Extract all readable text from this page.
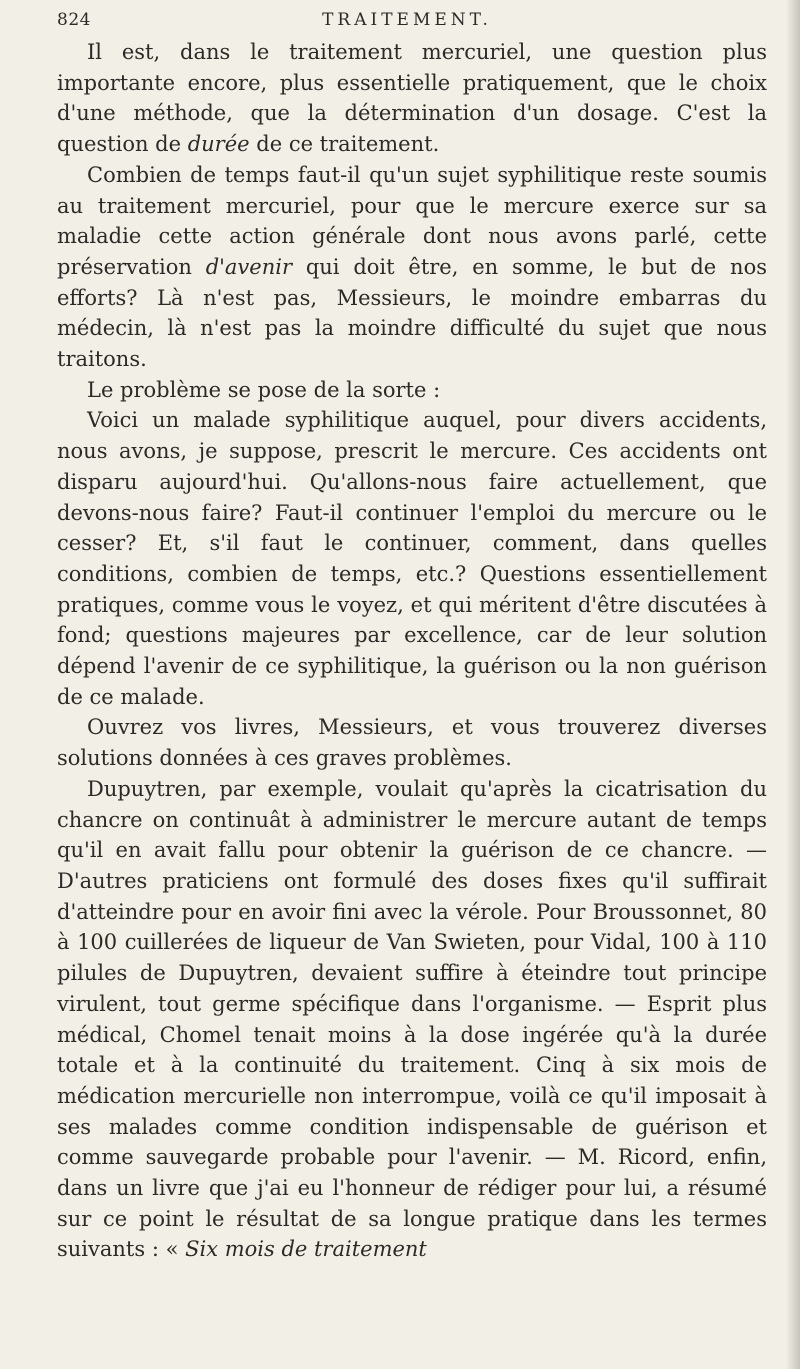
824	TRAITEMENT.

Il est, dans le traitement mercuriel, une question plus importante encore, plus essentielle pratiquement, que le choix d'une méthode, que la détermination d'un dosage. C'est la question de durée de ce traitement.

Combien de temps faut-il qu'un sujet syphilitique reste soumis au traitement mercuriel, pour que le mercure exerce sur sa maladie cette action générale dont nous avons parlé, cette préservation d'avenir qui doit être, en somme, le but de nos efforts? Là n'est pas, Messieurs, le moindre embarras du médecin, là n'est pas la moindre difficulté du sujet que nous traitons.

Le problème se pose de la sorte :

Voici un malade syphilitique auquel, pour divers accidents, nous avons, je suppose, prescrit le mercure. Ces accidents ont disparu aujourd'hui. Qu'allons-nous faire actuellement, que devons-nous faire? Faut-il continuer l'emploi du mercure ou le cesser? Et, s'il faut le continuer, comment, dans quelles conditions, combien de temps, etc.? Questions essentiellement pratiques, comme vous le voyez, et qui méritent d'être discutées à fond; questions majeures par excellence, car de leur solution dépend l'avenir de ce syphilitique, la guérison ou la non guérison de ce malade.

Ouvrez vos livres, Messieurs, et vous trouverez diverses solutions données à ces graves problèmes.

Dupuytren, par exemple, voulait qu'après la cicatrisation du chancre on continuât à administrer le mercure autant de temps qu'il en avait fallu pour obtenir la guérison de ce chancre. — D'autres praticiens ont formulé des doses fixes qu'il suffirait d'atteindre pour en avoir fini avec la vérole. Pour Broussonnet, 80 à 100 cuillerées de liqueur de Van Swieten, pour Vidal, 100 à 110 pilules de Dupuytren, devaient suffire à éteindre tout principe virulent, tout germe spécifique dans l'organisme. — Esprit plus médical, Chomel tenait moins à la dose ingérée qu'à la durée totale et à la continuité du traitement. Cinq à six mois de médication mercurielle non interrompue, voilà ce qu'il imposait à ses malades comme condition indispensable de guérison et comme sauvegarde probable pour l'avenir. — M. Ricord, enfin, dans un livre que j'ai eu l'honneur de rédiger pour lui, a résumé sur ce point le résultat de sa longue pratique dans les termes suivants : « Six mois de traitement
